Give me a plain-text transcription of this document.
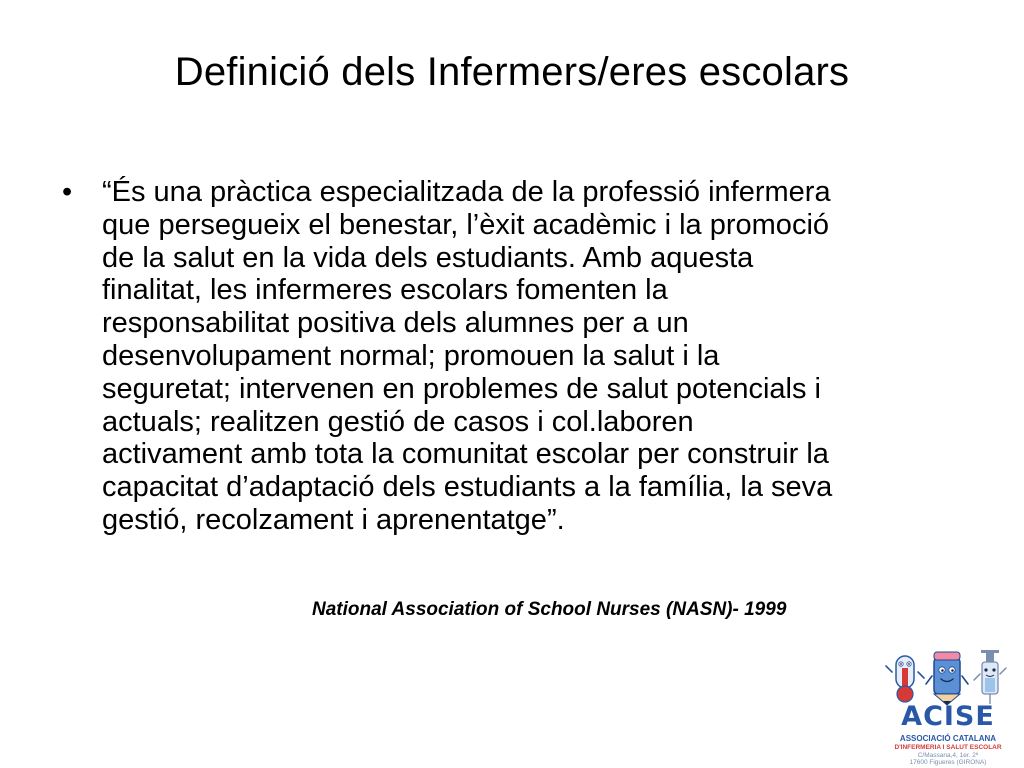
Definició dels Infermers/eres escolars
•	“És una pràctica especialitzada de la professió infermera
que persegueix el benestar, l’èxit acadèmic i la promoció
de la salut en la vida dels estudiants. Amb aquesta
finalitat, les infermeres escolars fomenten la
responsabilitat positiva dels alumnes per a un
desenvolupament normal; promouen la salut i la
seguretat; intervenen en problemes de salut potencials i
actuals; realitzen gestió de casos i col.laboren
activament amb tota la comunitat escolar per construir la
capacitat d’adaptació dels estudiants a la família, la seva
gestió, recolzament i aprenentatge”.

National Association of School Nurses (NASN)- 1999

ACISE
ASSOCIACIÓ CATALANA
D'INFERMERIA I SALUT ESCOLAR
C/Massana,4, 1er. 2ª
17600 Figueres (GIRONA)
